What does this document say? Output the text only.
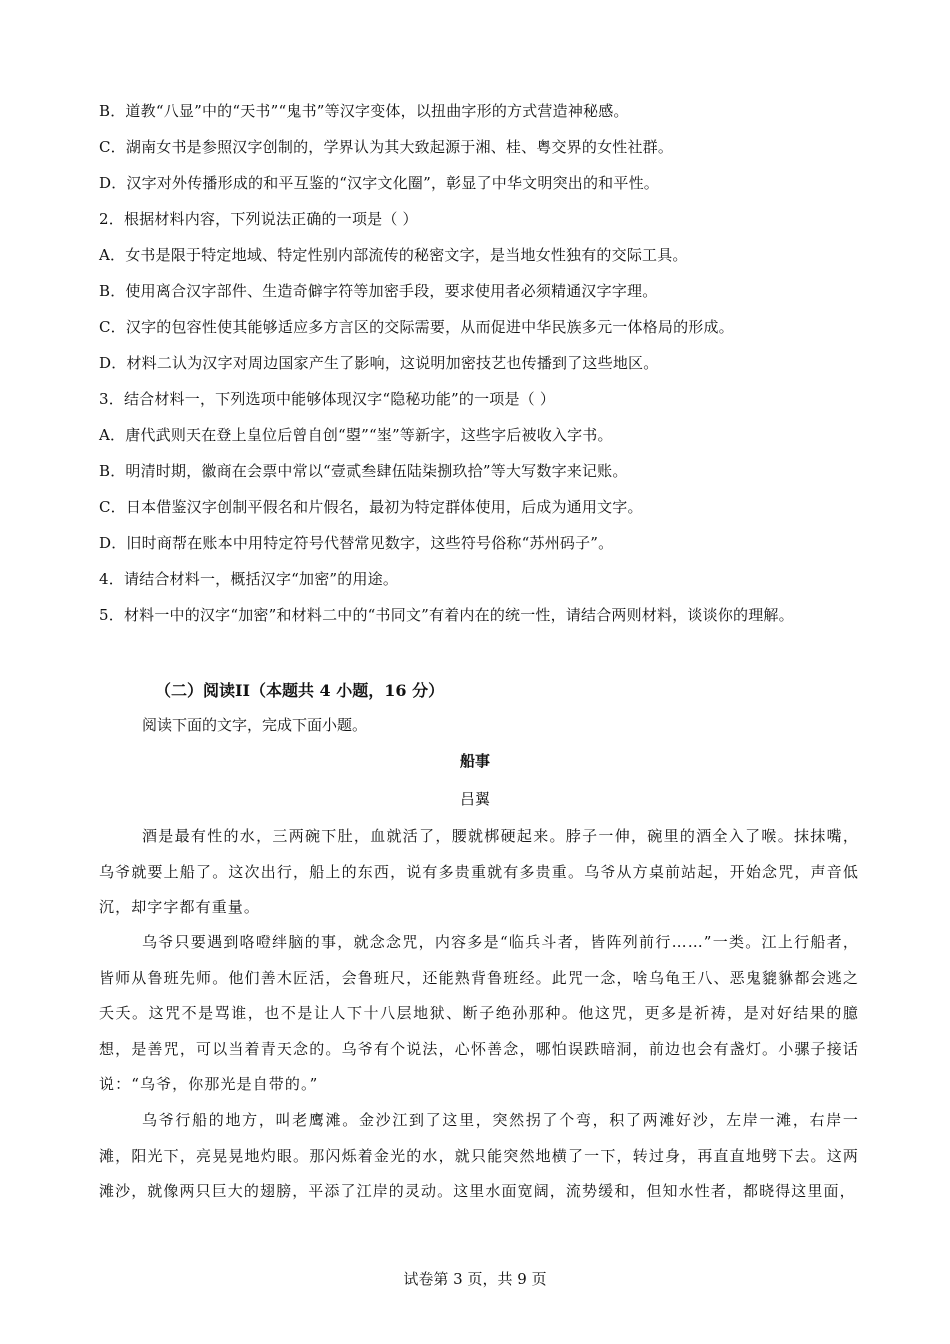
B．道教“八显”中的“天书”“鬼书”等汉字变体，以扭曲字形的方式营造神秘感。
C．湖南女书是参照汉字创制的，学界认为其大致起源于湘、桂、粤交界的女性社群。
D．汉字对外传播形成的和平互鉴的“汉字文化圈”，彰显了中华文明突出的和平性。
2．根据材料内容，下列说法正确的一项是（ ）
A．女书是限于特定地域、特定性别内部流传的秘密文字，是当地女性独有的交际工具。
B．使用离合汉字部件、生造奇僻字符等加密手段，要求使用者必须精通汉字字理。
C．汉字的包容性使其能够适应多方言区的交际需要，从而促进中华民族多元一体格局的形成。
D．材料二认为汉字对周边国家产生了影响，这说明加密技艺也传播到了这些地区。
3．结合材料一，下列选项中能够体现汉字“隐秘功能”的一项是（ ）
A．唐代武则天在登上皇位后曾自创“曌”“埊”等新字，这些字后被收入字书。
B．明清时期，徽商在会票中常以“壹贰叁肆伍陆柒捌玖拾”等大写数字来记账。
C．日本借鉴汉字创制平假名和片假名，最初为特定群体使用，后成为通用文字。
D．旧时商帮在账本中用特定符号代替常见数字，这些符号俗称“苏州码子”。
4．请结合材料一，概括汉字“加密”的用途。
5．材料一中的汉字“加密”和材料二中的“书同文”有着内在的统一性，请结合两则材料，谈谈你的理解。
（二）阅读II（本题共 4 小题，16 分）
阅读下面的文字，完成下面小题。
船事
吕翼
酒是最有性的水，三两碗下肚，血就活了，腰就梆硬起来。脖子一伸，碗里的酒全入了喉。抹抹嘴，乌爷就要上船了。这次出行，船上的东西，说有多贵重就有多贵重。乌爷从方桌前站起，开始念咒，声音低沉，却字字都有重量。
乌爷只要遇到咯噔绊脑的事，就念念咒，内容多是“临兵斗者，皆阵列前行……”一类。江上行船者，皆师从鲁班先师。他们善木匠活，会鲁班尺，还能熟背鲁班经。此咒一念，啥乌龟王八、恶鬼貔貅都会逃之夭夭。这咒不是骂谁，也不是让人下十八层地狱、断子绝孙那种。他这咒，更多是祈祷，是对好结果的臆想，是善咒，可以当着青天念的。乌爷有个说法，心怀善念，哪怕误跌暗洞，前边也会有盏灯。小骡子接话说：“乌爷，你那光是自带的。”
乌爷行船的地方，叫老鹰滩。金沙江到了这里，突然拐了个弯，积了两滩好沙，左岸一滩，右岸一滩，阳光下，亮晃晃地灼眼。那闪烁着金光的水，就只能突然地横了一下，转过身，再直直地劈下去。这两滩沙，就像两只巨大的翅膀，平添了江岸的灵动。这里水面宽阔，流势缓和，但知水性者，都晓得这里面，
试卷第 3 页，共 9 页
